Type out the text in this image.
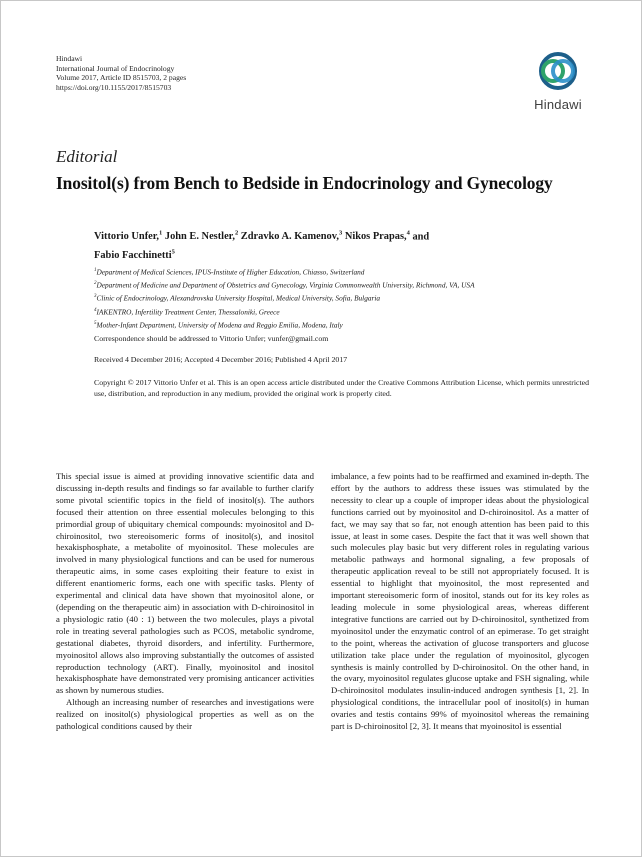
Hindawi
International Journal of Endocrinology
Volume 2017, Article ID 8515703, 2 pages
https://doi.org/10.1155/2017/8515703
Hindawi
Editorial
Inositol(s) from Bench to Bedside in Endocrinology and Gynecology
Vittorio Unfer,$^1$ John E. Nestler,$^2$ Zdravko A. Kamenov,$^3$ Nikos Prapas,$^4$ and
Fabio Facchinetti$^5$
$^1$Department of Medical Sciences, IPUS-Institute of Higher Education, Chiasso, Switzerland
$^2$Department of Medicine and Department of Obstetrics and Gynecology, Virginia Commonwealth University, Richmond, VA, USA
$^3$Clinic of Endocrinology, Alexandrovska University Hospital, Medical University, Sofia, Bulgaria
$^4$IAKENTRO, Infertility Treatment Center, Thessaloniki, Greece
$^5$Mother-Infant Department, University of Modena and Reggio Emilia, Modena, Italy
Correspondence should be addressed to Vittorio Unfer; vunfer@gmail.com
Received 4 December 2016; Accepted 4 December 2016; Published 4 April 2017
Copyright © 2017 Vittorio Unfer et al. This is an open access article distributed under the Creative Commons Attribution License, which permits unrestricted use, distribution, and reproduction in any medium, provided the original work is properly cited.

This special issue is aimed at providing innovative scientific data and discussing in-depth results and findings so far available to further clarify some pivotal scientific topics in the field of inositol(s). The authors focused their attention on three essential molecules belonging to this primordial group of ubiquitary chemical compounds: myoinositol and D-chiroinositol, two stereoisomeric forms of inositol(s), and inositol hexakisphosphate, a metabolite of myoinositol. These molecules are involved in many physiological functions and can be used for numerous therapeutic aims, in some cases exploiting their feature to exist in different enantiomeric forms, each one with specific tasks. Plenty of experimental and clinical data have shown that myoinositol alone, or (depending on the therapeutic aim) in association with D-chiroinositol in a physiologic ratio (40 : 1) between the two molecules, plays a pivotal role in treating several pathologies such as PCOS, metabolic syndrome, gestational diabetes, thyroid disorders, and infertility. Furthermore, myoinositol allows also improving substantially the outcomes of assisted reproduction technology (ART). Finally, myoinositol and inositol hexakisphosphate have demonstrated very promising anticancer activities as shown by numerous studies.

Although an increasing number of researches and investigations were realized on inositol(s) physiological properties as well as on the pathological conditions caused by their

imbalance, a few points had to be reaffirmed and examined in-depth. The effort by the authors to address these issues was stimulated by the necessity to clear up a couple of improper ideas about the physiological functions carried out by myoinositol and D-chiroinositol. As a matter of fact, we may say that so far, not enough attention has been paid to this issue, at least in some cases. Despite the fact that it was well shown that such molecules play basic but very different roles in regulating various metabolic pathways and hormonal signaling, a few proposals of therapeutic application reveal to be still not appropriately focused. It is essential to highlight that myoinositol, the most represented and important stereoisomeric form of inositol, stands out for its key roles as leading molecule in some physiological areas, whereas different integrative functions are carried out by D-chiroinositol, synthetized from myoinositol under the enzymatic control of an epimerase. To get straight to the point, whereas the activation of glucose transporters and glucose utilization take place under the regulation of myoinositol, glycogen synthesis is mainly controlled by D-chiroinositol. On the other hand, in the ovary, myoinositol regulates glucose uptake and FSH signaling, while D-chiroinositol modulates insulin-induced androgen synthesis [1, 2]. In physiological conditions, the intracellular pool of inositol(s) in human ovaries and testis contains 99% of myoinositol whereas the remaining part is D-chiroinositol [2, 3]. It means that myoinositol is essential
